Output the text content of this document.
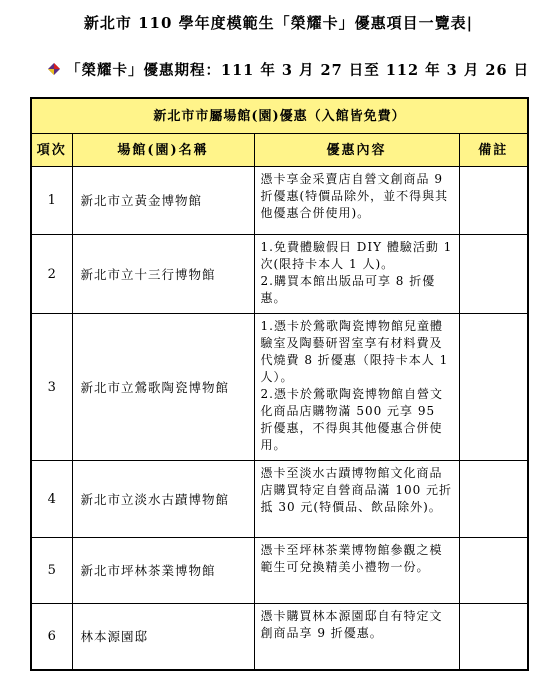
新北市 110 學年度模範生「榮耀卡」優惠項目一覽表|
「榮耀卡」優惠期程：111 年 3 月 27 日至 112 年 3 月 26 日
新北市市屬場館(園)優惠（入館皆免費）			
項次	場館(園)名稱	優惠內容	備註
1	新北市立黃金博物館	憑卡享金采賣店自營文創商品 9 折優惠(特價品除外，並不得與其他優惠合併使用)。	

2	新北市立十三行博物館	1.免費體驗假日 DIY 體驗活動 1 次(限持卡本人 1 人)。
2.購買本館出版品可享 8 折優惠。	

3	新北市立鶯歌陶瓷博物館	1.憑卡於鶯歌陶瓷博物館兒童體驗室及陶藝研習室享有材料費及代燒費 8 折優惠（限持卡本人 1 人）。
2.憑卡於鶯歌陶瓷博物館自營文化商品店購物滿 500 元享 95 折優惠，不得與其他優惠合併使用。	

4	新北市立淡水古蹟博物館	憑卡至淡水古蹟博物館文化商品店購買特定自營商品滿 100 元折抵 30 元(特價品、飲品除外)。	

5	新北市坪林茶業博物館	憑卡至坪林茶業博物館參觀之模範生可兌換精美小禮物一份。	

6	林本源園邸	憑卡購買林本源園邸自有特定文創商品享 9 折優惠。	
